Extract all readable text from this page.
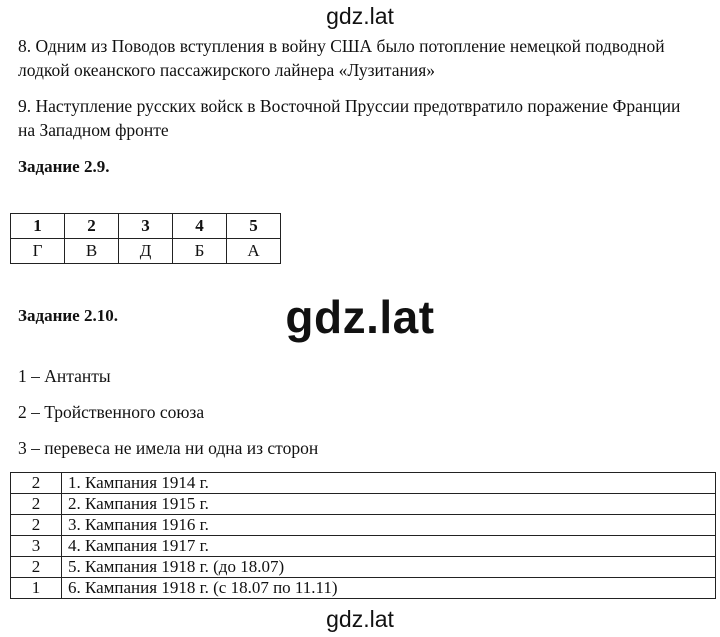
gdz.lat
8. Одним из Поводов вступления в войну США было потопление немецкой подводной
лодкой океанского пассажирского лайнера «Лузитания»
9. Наступление русских войск в Восточной Пруссии предотвратило поражение Франции
на Западном фронте
Задание 2.9.
1	2	3	4	5
Г	В	Д	Б	А
gdz.lat
Задание 2.10.
1 – Антанты
2 – Тройственного союза
3 – перевеса не имела ни одна из сторон
2	1. Кампания 1914 г.
2	2. Кампания 1915 г.
2	3. Кампания 1916 г.
3	4. Кампания 1917 г.
2	5. Кампания 1918 г. (до 18.07)
1	6. Кампания 1918 г. (с 18.07 по 11.11)
gdz.lat
